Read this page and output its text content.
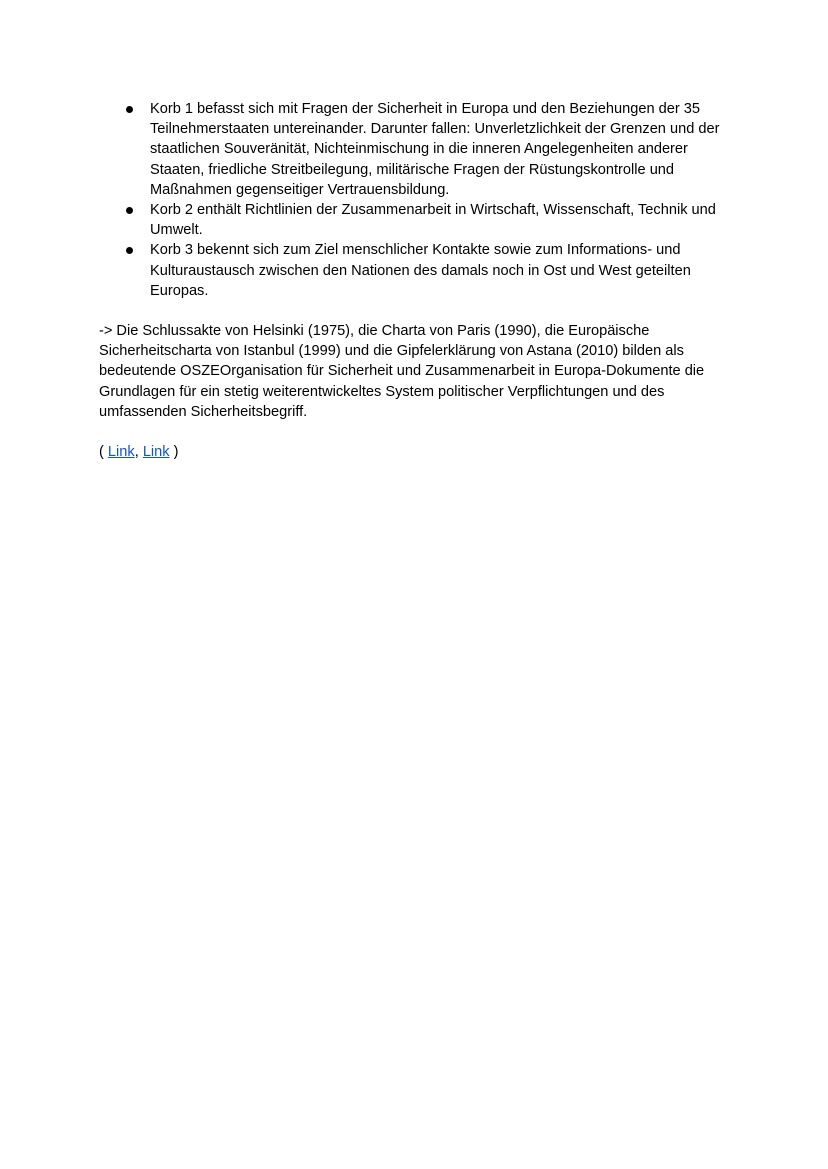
Korb 1 befasst sich mit Fragen der Sicherheit in Europa und den Beziehungen der 35 Teilnehmerstaaten untereinander. Darunter fallen: Unverletzlichkeit der Grenzen und der staatlichen Souveränität, Nichteinmischung in die inneren Angelegenheiten anderer Staaten, friedliche Streitbeilegung, militärische Fragen der Rüstungskontrolle und Maßnahmen gegenseitiger Vertrauensbildung.
Korb 2 enthält Richtlinien der Zusammenarbeit in Wirtschaft, Wissenschaft, Technik und Umwelt.
Korb 3 bekennt sich zum Ziel menschlicher Kontakte sowie zum Informations- und Kulturaustausch zwischen den Nationen des damals noch in Ost und West geteilten Europas.

-> Die Schlussakte von Helsinki (1975), die Charta von Paris (1990), die Europäische Sicherheitscharta von Istanbul (1999) und die Gipfelerklärung von Astana (2010) bilden als bedeutende OSZEOrganisation für Sicherheit und Zusammenarbeit in Europa-Dokumente die Grundlagen für ein stetig weiterentwickeltes System politischer Verpflichtungen und des umfassenden Sicherheitsbegriff.

( Link, Link )
